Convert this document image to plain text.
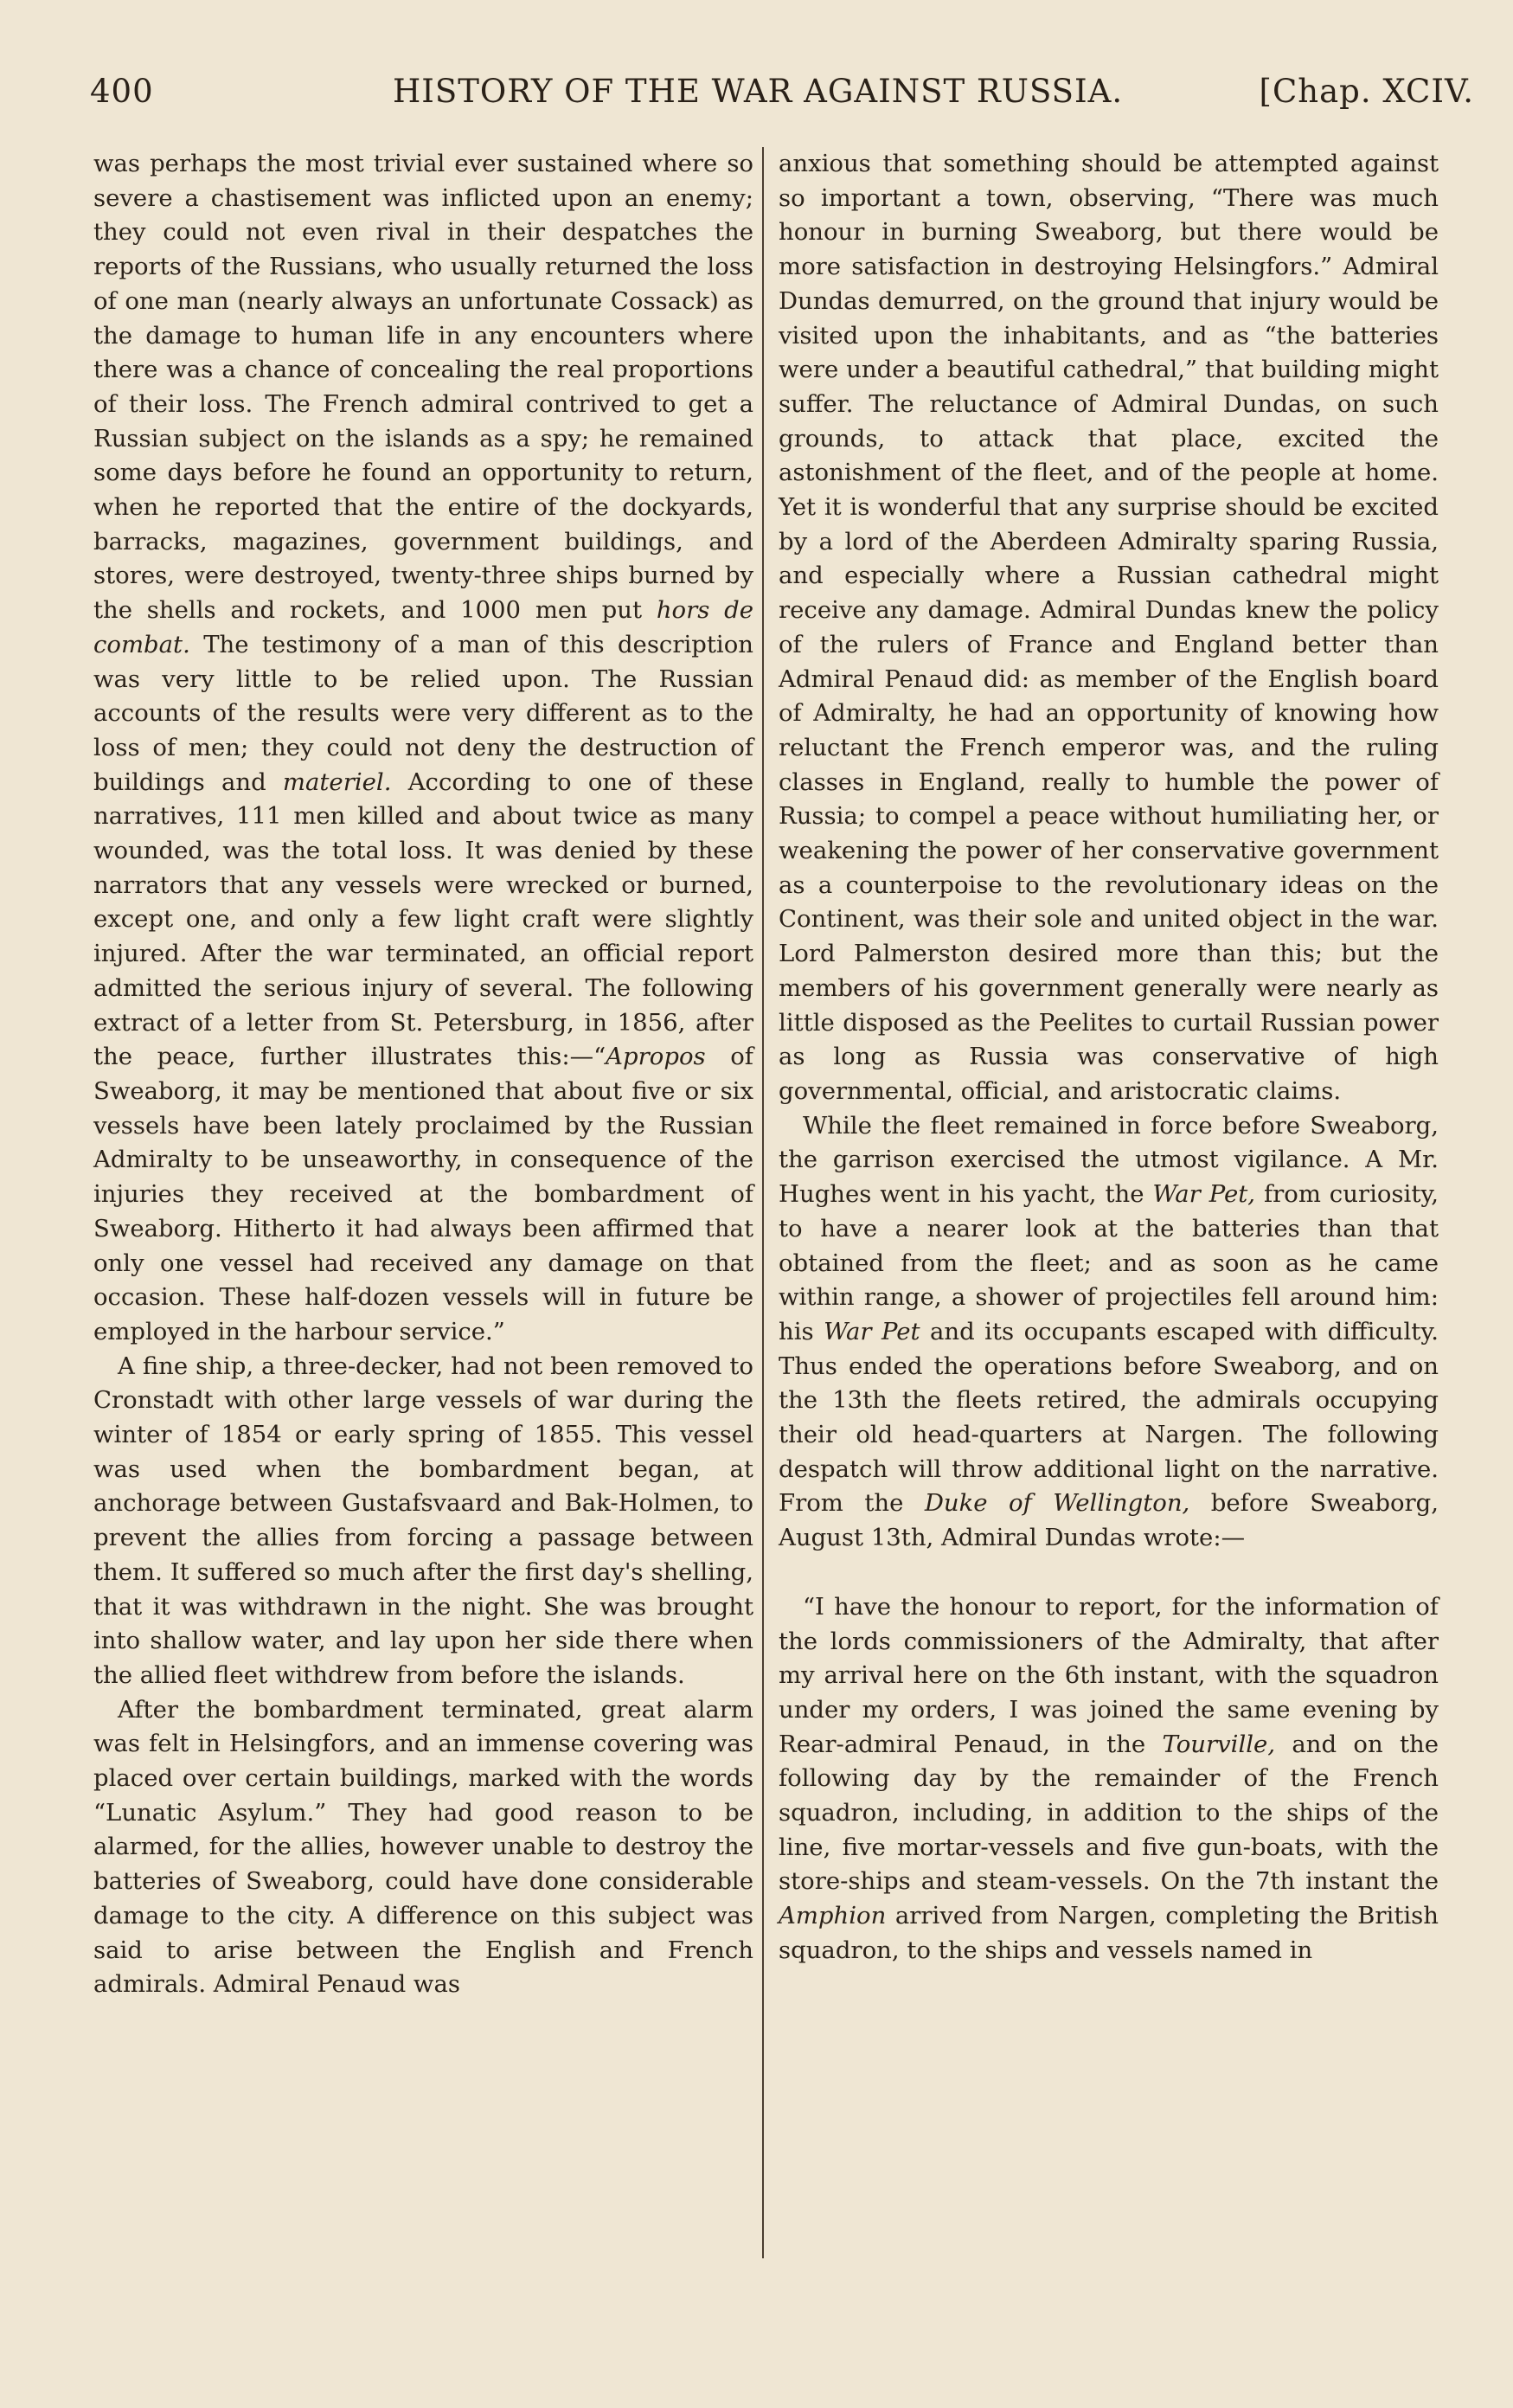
400	HISTORY OF THE WAR AGAINST RUSSIA.	[Chap. XCIV.

was perhaps the most trivial ever sustained where so severe a chastisement was inflicted upon an enemy; they could not even rival in their despatches the reports of the Russians, who usually returned the loss of one man (nearly always an unfortunate Cossack) as the damage to human life in any encounters where there was a chance of concealing the real proportions of their loss. The French admiral contrived to get a Russian subject on the islands as a spy; he remained some days before he found an opportunity to return, when he reported that the entire of the dockyards, barracks, magazines, government buildings, and stores, were destroyed, twenty-three ships burned by the shells and rockets, and 1000 men put hors de combat. The testimony of a man of this description was very little to be relied upon. The Russian accounts of the results were very different as to the loss of men; they could not deny the destruction of buildings and materiel. According to one of these narratives, 111 men killed and about twice as many wounded, was the total loss. It was denied by these narrators that any vessels were wrecked or burned, except one, and only a few light craft were slightly injured. After the war terminated, an official report admitted the serious injury of several. The following extract of a letter from St. Petersburg, in 1856, after the peace, further illustrates this:—“Apropos of Sweaborg, it may be mentioned that about five or six vessels have been lately proclaimed by the Russian Admiralty to be unseaworthy, in consequence of the injuries they received at the bombardment of Sweaborg. Hitherto it had always been affirmed that only one vessel had received any damage on that occasion. These half-dozen vessels will in future be employed in the harbour service.”

A fine ship, a three-decker, had not been removed to Cronstadt with other large vessels of war during the winter of 1854 or early spring of 1855. This vessel was used when the bombardment began, at anchorage between Gustafsvaard and Bak-Holmen, to prevent the allies from forcing a passage between them. It suffered so much after the first day's shelling, that it was withdrawn in the night. She was brought into shallow water, and lay upon her side there when the allied fleet withdrew from before the islands.

After the bombardment terminated, great alarm was felt in Helsingfors, and an immense covering was placed over certain buildings, marked with the words “Lunatic Asylum.” They had good reason to be alarmed, for the allies, however unable to destroy the batteries of Sweaborg, could have done considerable damage to the city. A difference on this subject was said to arise between the English and French admirals. Admiral Penaud was

anxious that something should be attempted against so important a town, observing, “There was much honour in burning Sweaborg, but there would be more satisfaction in destroying Helsingfors.” Admiral Dundas demurred, on the ground that injury would be visited upon the inhabitants, and as “the batteries were under a beautiful cathedral,” that building might suffer. The reluctance of Admiral Dundas, on such grounds, to attack that place, excited the astonishment of the fleet, and of the people at home. Yet it is wonderful that any surprise should be excited by a lord of the Aberdeen Admiralty sparing Russia, and especially where a Russian cathedral might receive any damage. Admiral Dundas knew the policy of the rulers of France and England better than Admiral Penaud did: as member of the English board of Admiralty, he had an opportunity of knowing how reluctant the French emperor was, and the ruling classes in England, really to humble the power of Russia; to compel a peace without humiliating her, or weakening the power of her conservative government as a counterpoise to the revolutionary ideas on the Continent, was their sole and united object in the war. Lord Palmerston desired more than this; but the members of his government generally were nearly as little disposed as the Peelites to curtail Russian power as long as Russia was conservative of high governmental, official, and aristocratic claims.

While the fleet remained in force before Sweaborg, the garrison exercised the utmost vigilance. A Mr. Hughes went in his yacht, the War Pet, from curiosity, to have a nearer look at the batteries than that obtained from the fleet; and as soon as he came within range, a shower of projectiles fell around him: his War Pet and its occupants escaped with difficulty. Thus ended the operations before Sweaborg, and on the 13th the fleets retired, the admirals occupying their old head-quarters at Nargen. The following despatch will throw additional light on the narrative. From the Duke of Wellington, before Sweaborg, August 13th, Admiral Dundas wrote:—

“I have the honour to report, for the information of the lords commissioners of the Admiralty, that after my arrival here on the 6th instant, with the squadron under my orders, I was joined the same evening by Rear-admiral Penaud, in the Tourville, and on the following day by the remainder of the French squadron, including, in addition to the ships of the line, five mortar-vessels and five gun-boats, with the store-ships and steam-vessels. On the 7th instant the Amphion arrived from Nargen, completing the British squadron, to the ships and vessels named in
